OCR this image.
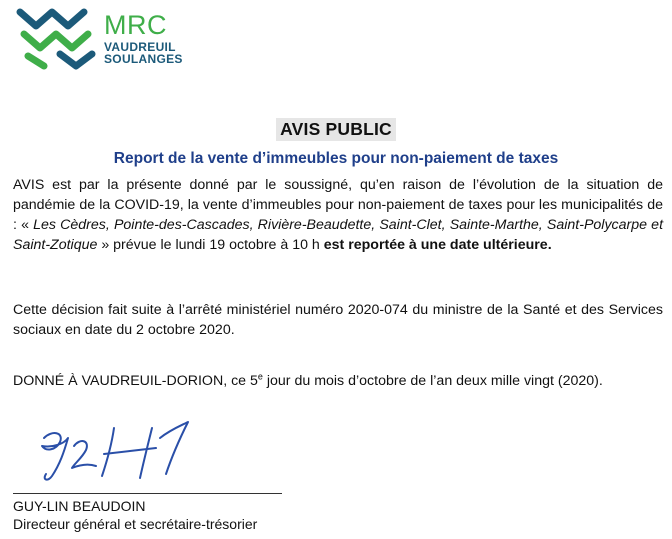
MRC
VAUDREUIL
SOULANGES
AVIS PUBLIC
Report de la vente d’immeubles pour non-paiement de taxes
AVIS est par la présente donné par le soussigné, qu’en raison de l’évolution de la situation de pandémie de la COVID-19, la vente d’immeubles pour non-paiement de taxes pour les municipalités de : « Les Cèdres, Pointe-des-Cascades, Rivière-Beaudette, Saint-Clet, Sainte-Marthe, Saint-Polycarpe et Saint-Zotique » prévue le lundi 19 octobre à 10 h est reportée à une date ultérieure.
Cette décision fait suite à l’arrêté ministériel numéro 2020-074 du ministre de la Santé et des Services sociaux en date du 2 octobre 2020.
DONNÉ À VAUDREUIL-DORION, ce 5e jour du mois d’octobre de l’an deux mille vingt (2020).
GUY-LIN BEAUDOIN
Directeur général et secrétaire-trésorier
